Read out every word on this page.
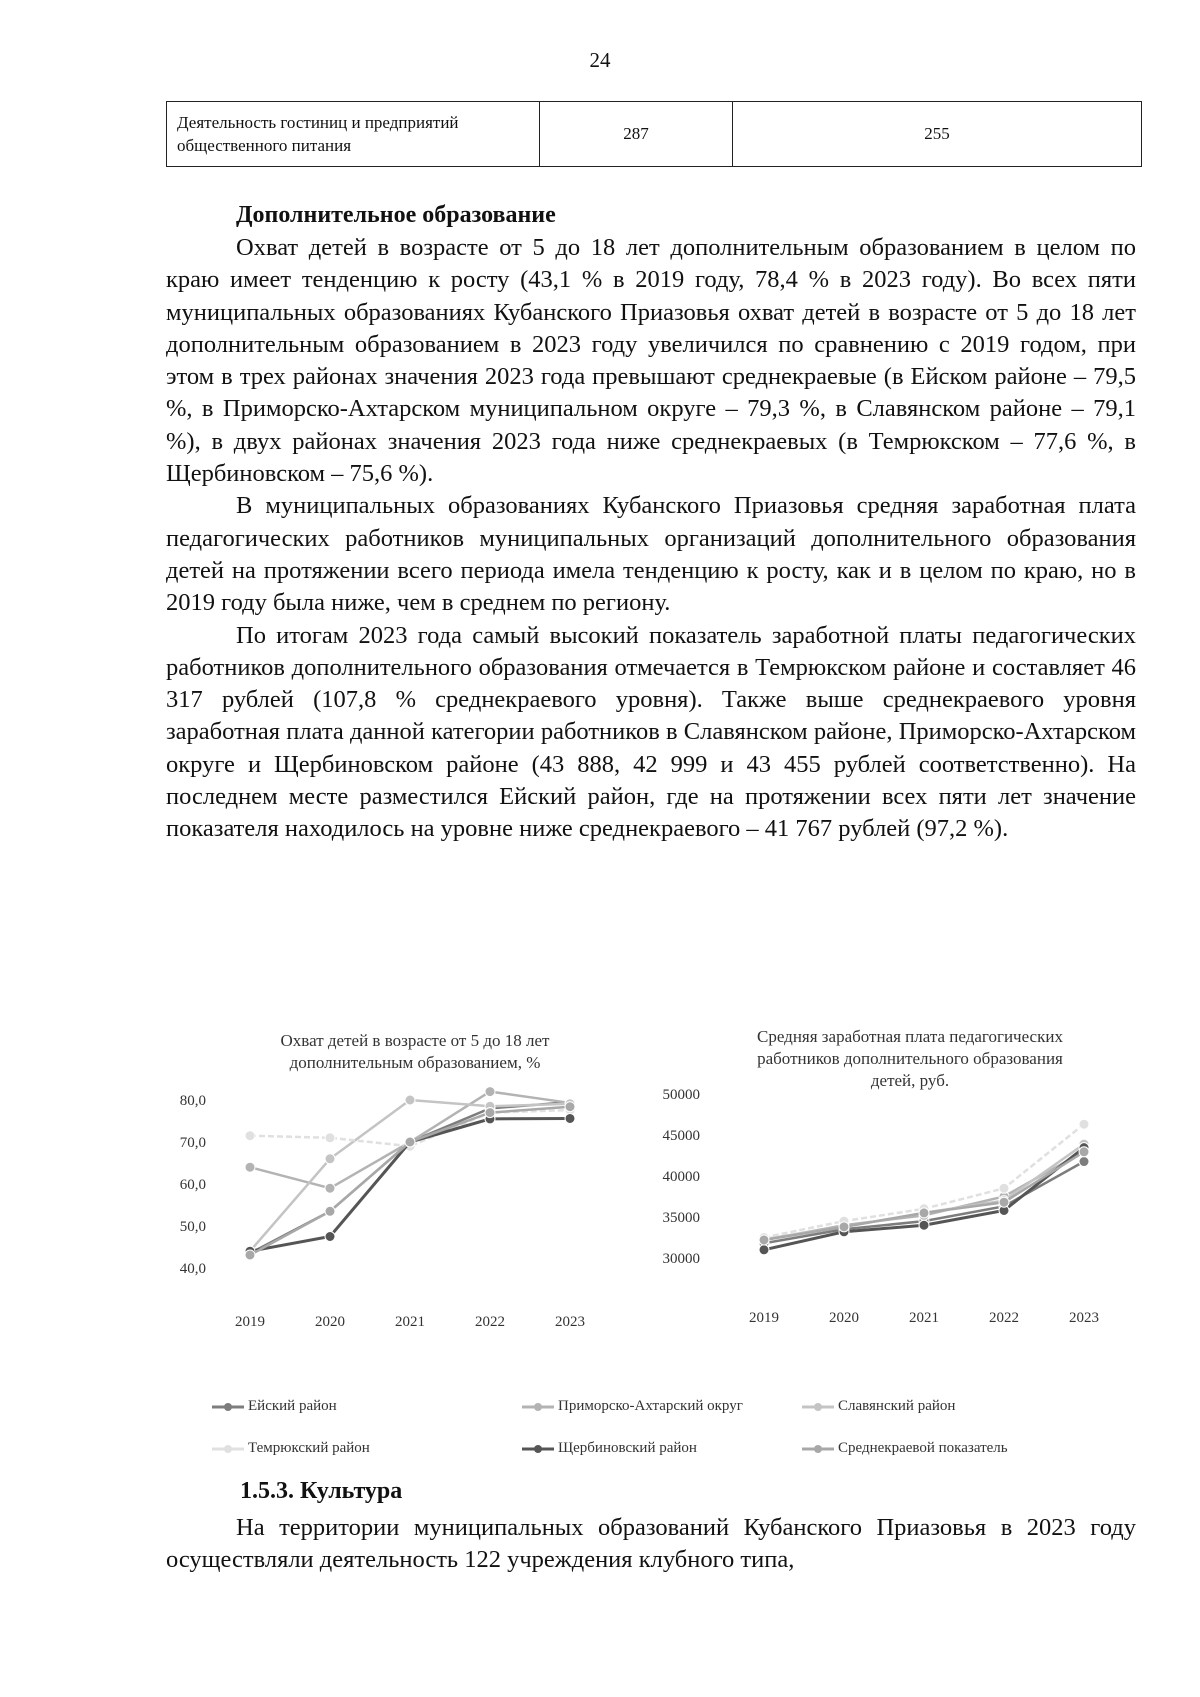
24
Деятельность гостиниц и предприятий общественного питания	287	255
Дополнительное образование

Охват детей в возрасте от 5 до 18 лет дополнительным образованием в целом по краю имеет тенденцию к росту (43,1 % в 2019 году, 78,4 % в 2023 году). Во всех пяти муниципальных образованиях Кубанского Приазовья охват детей в возрасте от 5 до 18 лет дополнительным образованием в 2023 году увеличился по сравнению с 2019 годом, при этом в трех районах значения 2023 года превышают среднекраевые (в Ейском районе – 79,5 %, в Приморско-Ахтарском муниципальном округе – 79,3 %, в Славянском районе – 79,1 %), в двух районах значения 2023 года ниже среднекраевых (в Темрюкском – 77,6 %, в Щербиновском – 75,6 %).

В муниципальных образованиях Кубанского Приазовья средняя заработная плата педагогических работников муниципальных организаций дополнительного образования детей на протяжении всего периода имела тенденцию к росту, как и в целом по краю, но в 2019 году была ниже, чем в среднем по региону.

По итогам 2023 года самый высокий показатель заработной платы педагогических работников дополнительного образования отмечается в Темрюкском районе и составляет 46 317 рублей (107,8 % среднекраевого уровня). Также выше среднекраевого уровня заработная плата данной категории работников в Славянском районе, Приморско-Ахтарском округе и Щербиновском районе (43 888, 42 999 и 43 455 рублей соответственно). На последнем месте разместился Ейский район, где на протяжении всех пяти лет значение показателя находилось на уровне ниже среднекраевого – 41 767 рублей (97,2 %).

Охват детей в возрасте от 5 до 18 лет дополнительным образованием, %
40,0
50,0
60,0
70,0
80,0
2019	2020	2021	2022	2023
Средняя заработная плата педагогических работников дополнительного образования детей, руб.
30000
35000
40000
45000
50000
2019	2020	2021	2022	2023
Ейский район	Приморско-Ахтарский округ	Славянский район
Темрюкский район	Щербиновский район	Среднекраевой показатель
1.5.3. Культура

На территории муниципальных образований Кубанского Приазовья в 2023 году осуществляли деятельность 122 учреждения клубного типа,
